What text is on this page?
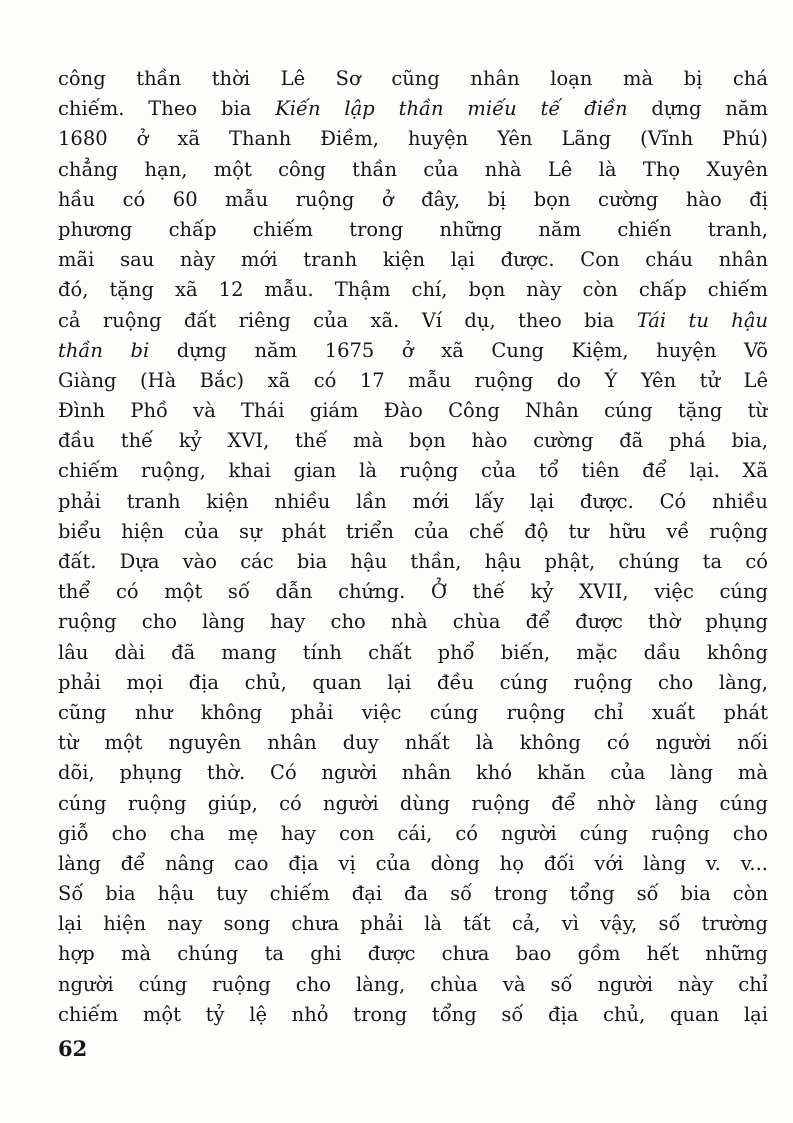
công thần thời Lê Sơ cũng nhân loạn mà bị chá
chiếm. Theo bia Kiến lập thần miếu tế điền dựng năm
1680 ở xã Thanh Điềm, huyện Yên Lãng (Vĩnh Phú)
chẳng hạn, một công thần của nhà Lê là Thọ Xuyên
hầu có 60 mẫu ruộng ở đây, bị bọn cường hào đị
phương chấp chiếm trong những năm chiến tranh,
mãi sau này mới tranh kiện lại được. Con cháu nhân
đó, tặng xã 12 mẫu. Thậm chí, bọn này còn chấp chiếm
cả ruộng đất riêng của xã. Ví dụ, theo bia Tái tu hậu
thần bi dựng năm 1675 ở xã Cung Kiệm, huyện Võ
Giàng (Hà Bắc) xã có 17 mẫu ruộng do Ý Yên tử Lê
Đình Phồ và Thái giám Đào Công Nhân cúng tặng từ
đầu thế kỷ XVI, thế mà bọn hào cường đã phá bia,
chiếm ruộng, khai gian là ruộng của tổ tiên để lại. Xã
phải tranh kiện nhiều lần mới lấy lại được. Có nhiều
biểu hiện của sự phát triển của chế độ tư hữu về ruộng
đất. Dựa vào các bia hậu thần, hậu phật, chúng ta có
thể có một số dẫn chứng. Ở thế kỷ XVII, việc cúng
ruộng cho làng hay cho nhà chùa để được thờ phụng
lâu dài đã mang tính chất phổ biến, mặc dầu không
phải mọi địa chủ, quan lại đều cúng ruộng cho làng,
cũng như không phải việc cúng ruộng chỉ xuất phát
từ một nguyên nhân duy nhất là không có người nối
dõi, phụng thờ. Có người nhân khó khăn của làng mà
cúng ruộng giúp, có người dùng ruộng để nhờ làng cúng
giỗ cho cha mẹ hay con cái, có người cúng ruộng cho
làng để nâng cao địa vị của dòng họ đối với làng v. v...
Số bia hậu tuy chiếm đại đa số trong tổng số bia còn
lại hiện nay song chưa phải là tất cả, vì vậy, số trường
hợp mà chúng ta ghi được chưa bao gồm hết những
người cúng ruộng cho làng, chùa và số người này chỉ
chiếm một tỷ lệ nhỏ trong tổng số địa chủ, quan lại
62
